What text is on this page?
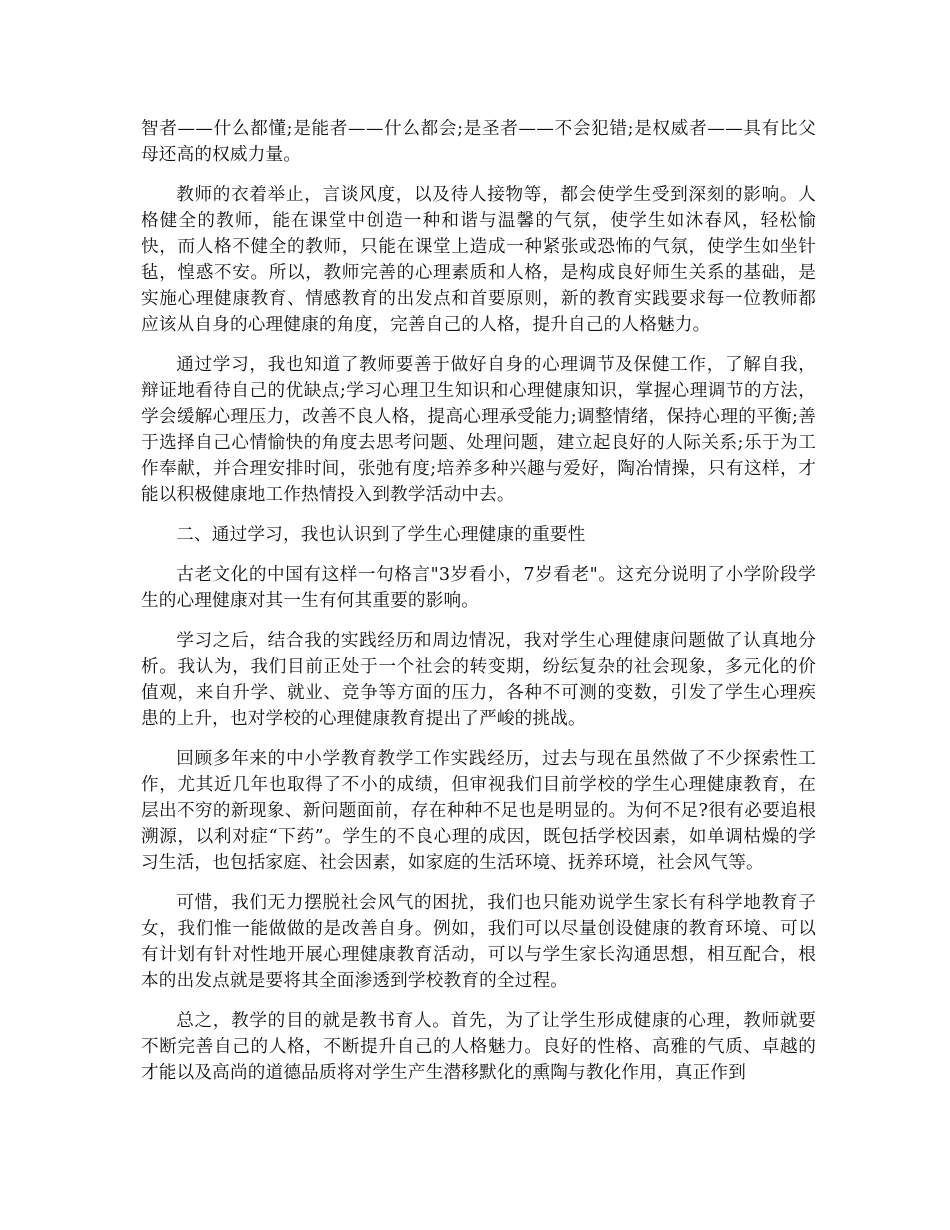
智者——什么都懂;是能者——什么都会;是圣者——不会犯错;是权威者——具有比父母还高的权威力量。

教师的衣着举止，言谈风度，以及待人接物等，都会使学生受到深刻的影响。人格健全的教师，能在课堂中创造一种和谐与温馨的气氛，使学生如沐春风，轻松愉快，而人格不健全的教师，只能在课堂上造成一种紧张或恐怖的气氛，使学生如坐针毡，惶惑不安。所以，教师完善的心理素质和人格，是构成良好师生关系的基础，是实施心理健康教育、情感教育的出发点和首要原则，新的教育实践要求每一位教师都应该从自身的心理健康的角度，完善自己的人格，提升自己的人格魅力。

通过学习，我也知道了教师要善于做好自身的心理调节及保健工作，了解自我，辩证地看待自己的优缺点;学习心理卫生知识和心理健康知识，掌握心理调节的方法，学会缓解心理压力，改善不良人格，提高心理承受能力;调整情绪，保持心理的平衡;善于选择自己心情愉快的角度去思考问题、处理问题，建立起良好的人际关系;乐于为工作奉献，并合理安排时间，张弛有度;培养多种兴趣与爱好，陶冶情操，只有这样，才能以积极健康地工作热情投入到教学活动中去。

二、通过学习，我也认识到了学生心理健康的重要性

古老文化的中国有这样一句格言"3岁看小，7岁看老"。这充分说明了小学阶段学生的心理健康对其一生有何其重要的影响。

学习之后，结合我的实践经历和周边情况，我对学生心理健康问题做了认真地分析。我认为，我们目前正处于一个社会的转变期，纷纭复杂的社会现象，多元化的价值观，来自升学、就业、竞争等方面的压力，各种不可测的变数，引发了学生心理疾患的上升，也对学校的心理健康教育提出了严峻的挑战。

回顾多年来的中小学教育教学工作实践经历，过去与现在虽然做了不少探索性工作，尤其近几年也取得了不小的成绩，但审视我们目前学校的学生心理健康教育，在层出不穷的新现象、新问题面前，存在种种不足也是明显的。为何不足?很有必要追根溯源，以利对症“下药”。学生的不良心理的成因，既包括学校因素，如单调枯燥的学习生活，也包括家庭、社会因素，如家庭的生活环境、抚养环境，社会风气等。

可惜，我们无力摆脱社会风气的困扰，我们也只能劝说学生家长有科学地教育子女，我们惟一能做做的是改善自身。例如，我们可以尽量创设健康的教育环境、可以有计划有针对性地开展心理健康教育活动，可以与学生家长沟通思想，相互配合，根本的出发点就是要将其全面渗透到学校教育的全过程。

总之，教学的目的就是教书育人。首先，为了让学生形成健康的心理，教师就要不断完善自己的人格，不断提升自己的人格魅力。良好的性格、高雅的气质、卓越的才能以及高尚的道德品质将对学生产生潜移默化的熏陶与教化作用，真正作到
